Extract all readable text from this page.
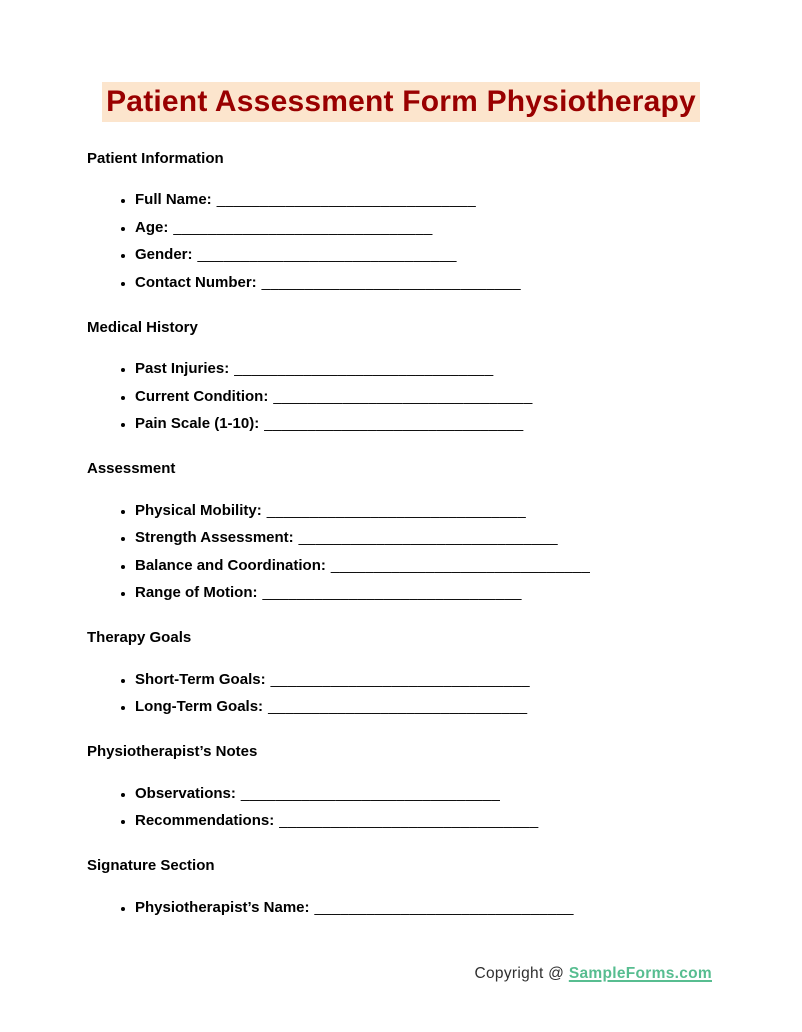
Patient Assessment Form Physiotherapy
Patient Information
• Full Name: ______________________________
• Age: ______________________________
• Gender: ______________________________
• Contact Number: ______________________________
Medical History
• Past Injuries: ______________________________
• Current Condition: ______________________________
• Pain Scale (1-10): ______________________________
Assessment
• Physical Mobility: ______________________________
• Strength Assessment: ______________________________
• Balance and Coordination: ______________________________
• Range of Motion: ______________________________
Therapy Goals
• Short-Term Goals: ______________________________
• Long-Term Goals: ______________________________
Physiotherapist’s Notes
• Observations: ______________________________
• Recommendations: ______________________________
Signature Section
• Physiotherapist’s Name: ______________________________
Copyright @ SampleForms.com
